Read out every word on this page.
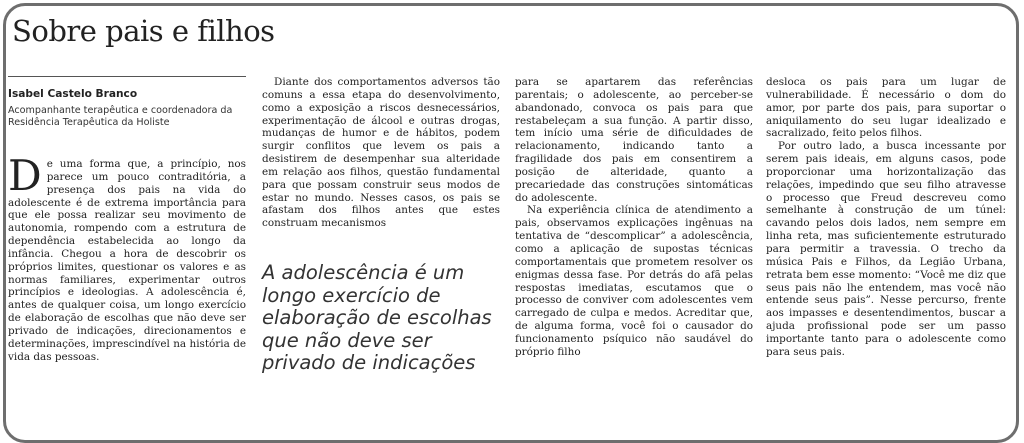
Sobre pais e filhos
Isabel Castelo Branco
Acompanhante terapêutica e coordenadora da Residência Terapêutica da Holiste

De uma forma que, a princípio, nos parece um pouco contraditória, a presença dos pais na vida do adolescente é de extrema importância para que ele possa realizar seu movimento de autonomia, rompendo com a estrutura de dependência estabelecida ao longo da infância. Chegou a hora de descobrir os próprios limites, questionar os valores e as normas familiares, experimentar outros princípios e ideologias. A adolescência é, antes de qualquer coisa, um longo exercício de elaboração de escolhas que não deve ser privado de indicações, direcionamentos e determinações, imprescindível na história de vida das pessoas.

Diante dos comportamentos adversos tão comuns a essa etapa do desenvolvimento, como a exposição a riscos desnecessários, experimentação de álcool e outras drogas, mudanças de humor e de hábitos, podem surgir conflitos que levem os pais a desistirem de desempenhar sua alteridade em relação aos filhos, questão fundamental para que possam construir seus modos de estar no mundo. Nesses casos, os pais se afastam dos filhos antes que estes construam mecanismos

A adolescência é um longo exercício de elaboração de escolhas que não deve ser privado de indicações

para se apartarem das referências parentais; o adolescente, ao perceber-se abandonado, convoca os pais para que restabeleçam a sua função. A partir disso, tem início uma série de dificuldades de relacionamento, indicando tanto a fragilidade dos pais em consentirem a posição de alteridade, quanto a precariedade das construções sintomáticas do adolescente.

Na experiência clínica de atendimento a pais, observamos explicações ingênuas na tentativa de “descomplicar” a adolescência, como a aplicação de supostas técnicas comportamentais que prometem resolver os enigmas dessa fase. Por detrás do afã pelas respostas imediatas, escutamos que o processo de conviver com adolescentes vem carregado de culpa e medos. Acreditar que, de alguma forma, você foi o causador do funcionamento psíquico não saudável do próprio filho

desloca os pais para um lugar de vulnerabilidade. É necessário o dom do amor, por parte dos pais, para suportar o aniquilamento do seu lugar idealizado e sacralizado, feito pelos filhos.

Por outro lado, a busca incessante por serem pais ideais, em alguns casos, pode proporcionar uma horizontalização das relações, impedindo que seu filho atravesse o processo que Freud descreveu como semelhante à construção de um túnel: cavando pelos dois lados, nem sempre em linha reta, mas suficientemente estruturado para permitir a travessia. O trecho da música Pais e Filhos, da Legião Urbana, retrata bem esse momento: “Você me diz que seus pais não lhe entendem, mas você não entende seus pais”. Nesse percurso, frente aos impasses e desentendimentos, buscar a ajuda profissional pode ser um passo importante tanto para o adolescente como para seus pais.
